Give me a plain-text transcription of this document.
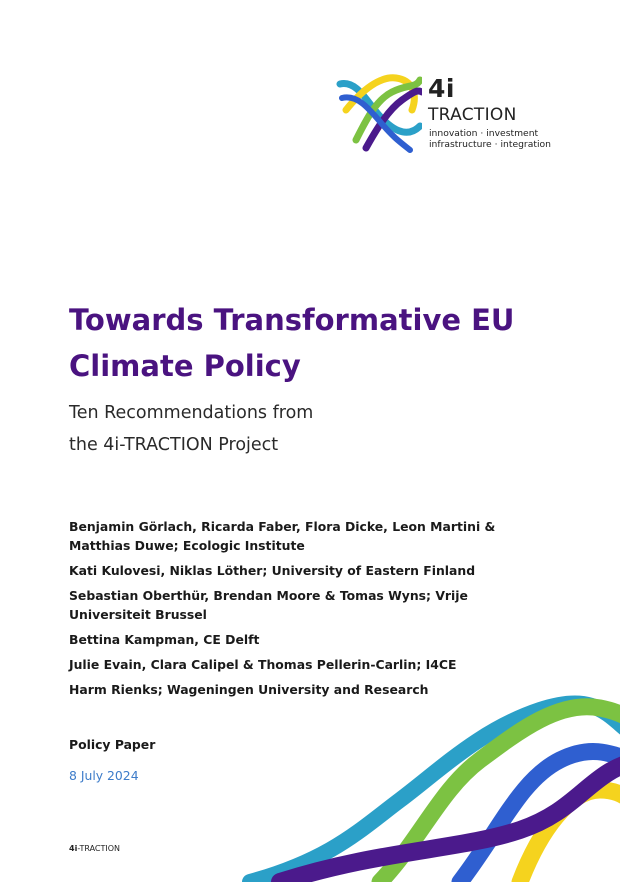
4i
TRACTION
innovation · investment
infrastructure · integration
Towards Transformative EU Climate Policy
Ten Recommendations from
the 4i-TRACTION Project

Benjamin Görlach, Ricarda Faber, Flora Dicke, Leon Martini & Matthias Duwe; Ecologic Institute

Kati Kulovesi, Niklas Löther; University of Eastern Finland

Sebastian Oberthür, Brendan Moore & Tomas Wyns; Vrije Universiteit Brussel

Bettina Kampman, CE Delft

Julie Evain, Clara Calipel & Thomas Pellerin-Carlin; I4CE

Harm Rienks; Wageningen University and Research

Policy Paper
8 July 2024
4i-TRACTION
